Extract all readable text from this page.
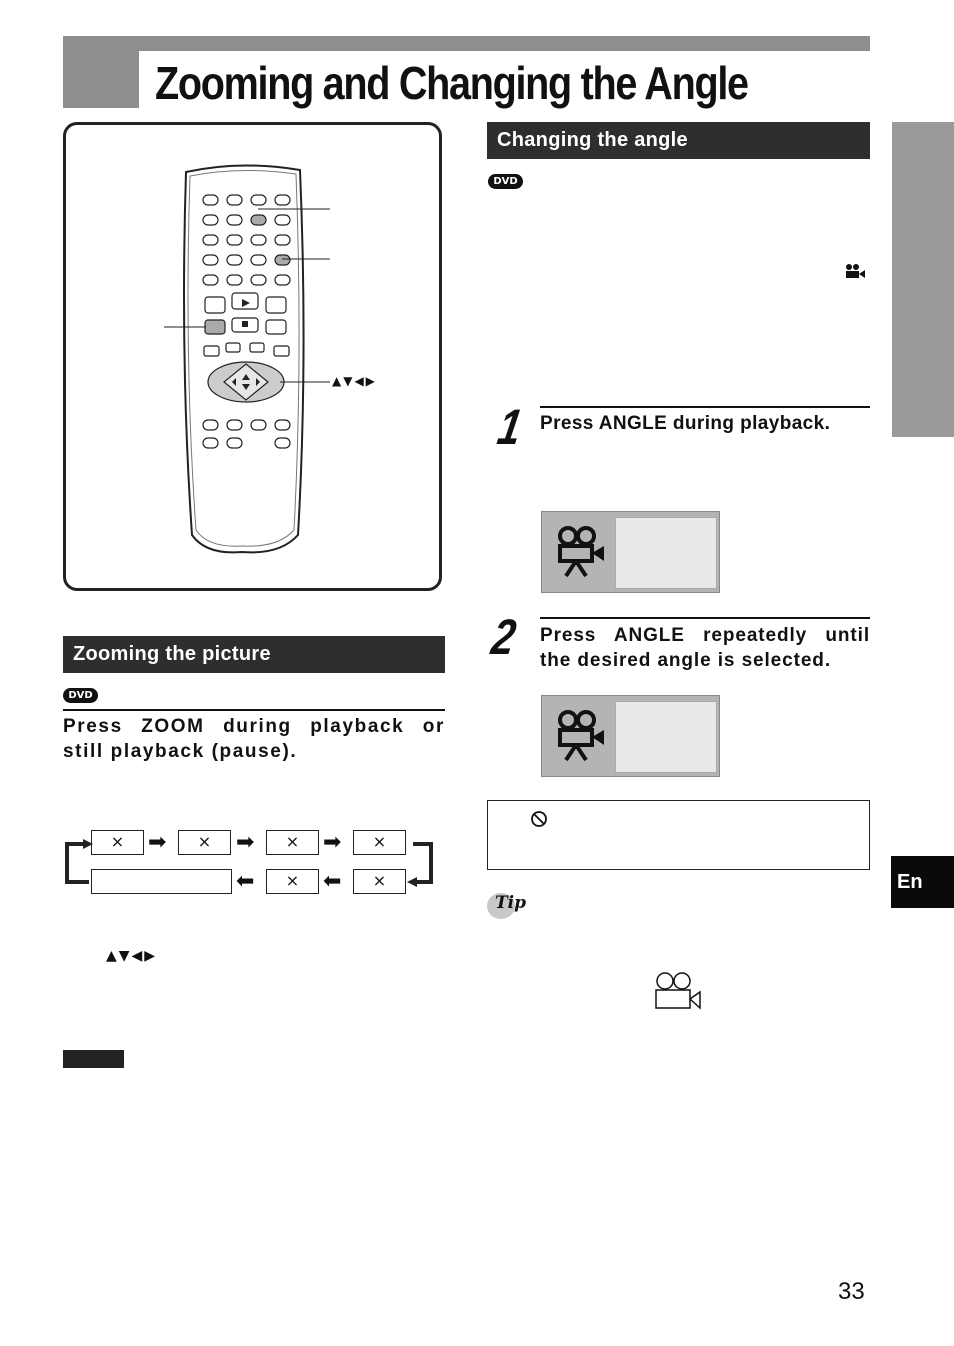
Zooming and Changing the Angle
En
▲▼◀▶
Zooming the picture
DVD
Press ZOOM during playback or still playback (pause).
×	➡	×	➡	×	➡	×
⬅	×	⬅	×
▲▼◀▶
Changing the angle
DVD
1 Press ANGLE during playback.
2 Press ANGLE repeatedly until the desired angle is selected.
Tip
33
